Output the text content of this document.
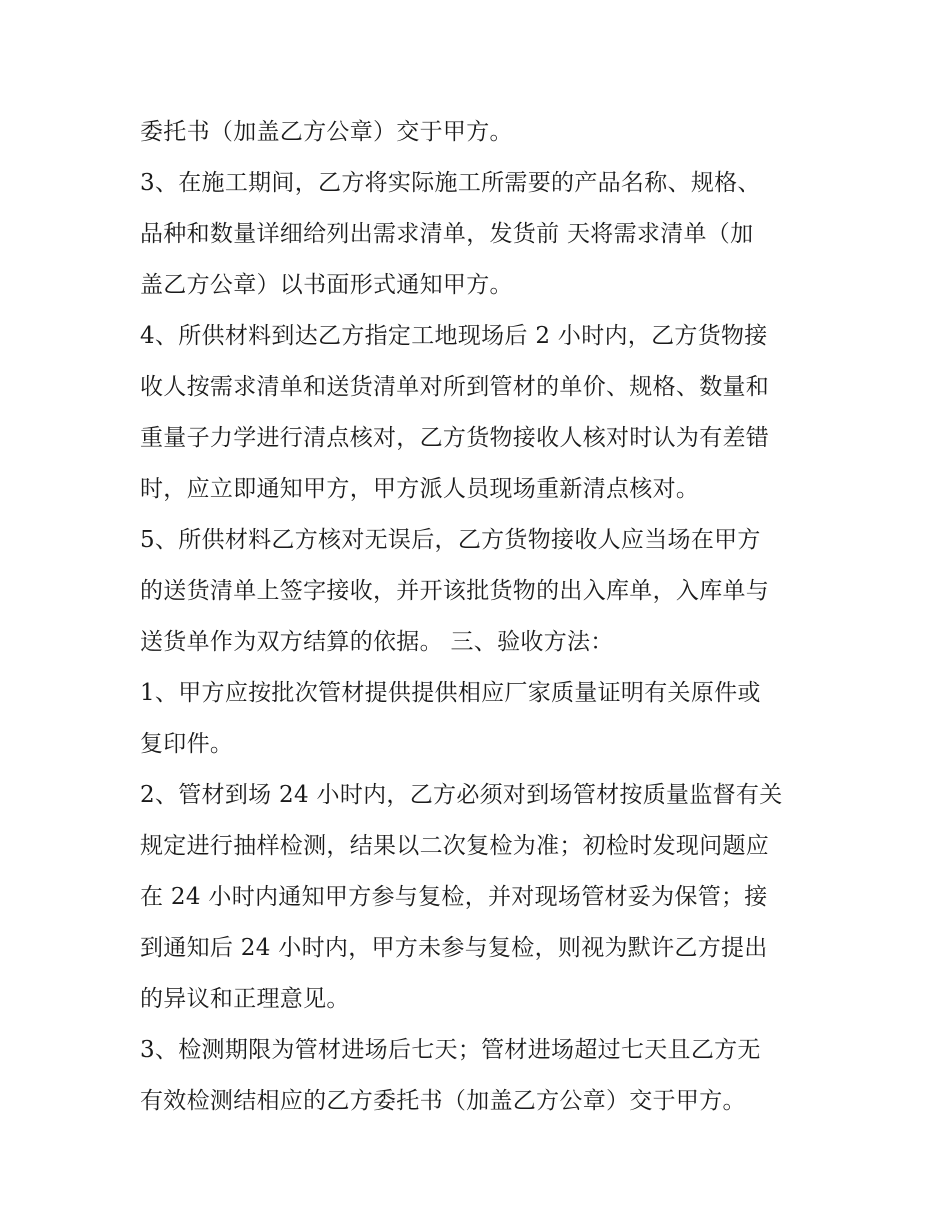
委托书（加盖乙方公章）交于甲方。
3、在施工期间，乙方将实际施工所需要的产品名称、规格、
品种和数量详细给列出需求清单，发货前 天将需求清单（加
盖乙方公章）以书面形式通知甲方。
4、所供材料到达乙方指定工地现场后 2 小时内，乙方货物接
收人按需求清单和送货清单对所到管材的单价、规格、数量和
重量子力学进行清点核对，乙方货物接收人核对时认为有差错
时，应立即通知甲方，甲方派人员现场重新清点核对。
5、所供材料乙方核对无误后，乙方货物接收人应当场在甲方
的送货清单上签字接收，并开该批货物的出入库单，入库单与
送货单作为双方结算的依据。 三、验收方法：
1、甲方应按批次管材提供提供相应厂家质量证明有关原件或
复印件。
2、管材到场 24 小时内，乙方必须对到场管材按质量监督有关
规定进行抽样检测，结果以二次复检为准；初检时发现问题应
在 24 小时内通知甲方参与复检，并对现场管材妥为保管；接
到通知后 24 小时内，甲方未参与复检，则视为默许乙方提出
的异议和正理意见。
3、检测期限为管材进场后七天；管材进场超过七天且乙方无
有效检测结相应的乙方委托书（加盖乙方公章）交于甲方。
